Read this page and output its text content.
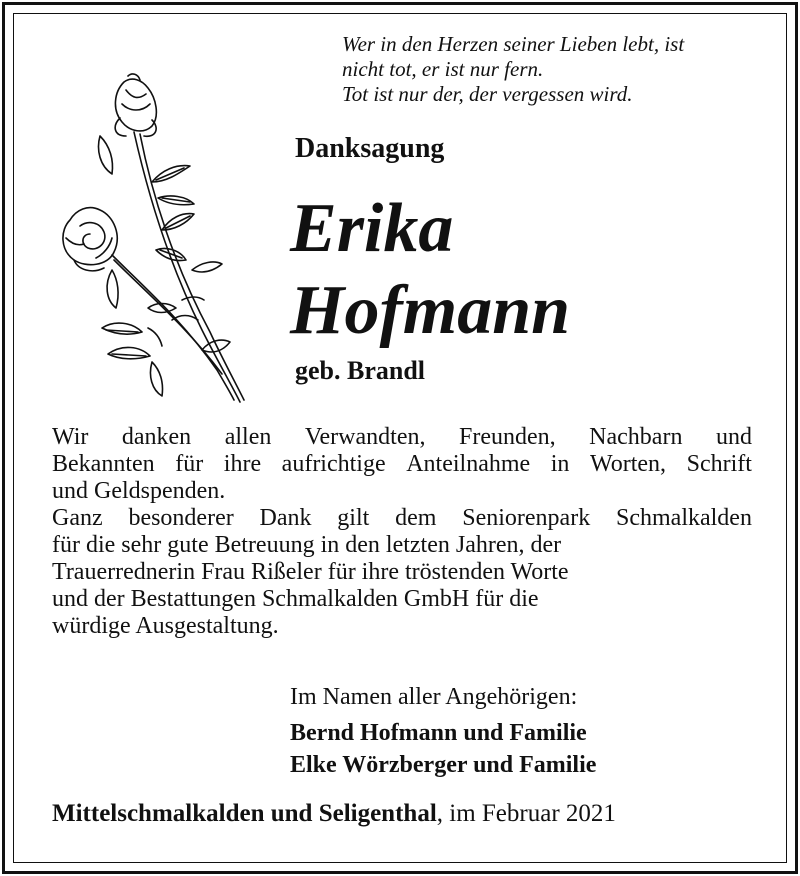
Wer in den Herzen seiner Lieben lebt, ist
nicht tot, er ist nur fern.
Tot ist nur der, der vergessen wird.
Danksagung
Erika
Hofmann
geb. Brandl
Wir danken allen Verwandten, Freunden, Nachbarn und
Bekannten für ihre aufrichtige Anteilnahme in Worten, Schrift
und Geldspenden.
Ganz besonderer Dank gilt dem Seniorenpark Schmalkalden
für die sehr gute Betreuung in den letzten Jahren, der
Trauerrednerin Frau Rißeler für ihre tröstenden Worte
und der Bestattungen Schmalkalden GmbH für die
würdige Ausgestaltung.
Im Namen aller Angehörigen:
Bernd Hofmann und Familie
Elke Wörzberger und Familie
Mittelschmalkalden und Seligenthal, im Februar 2021
